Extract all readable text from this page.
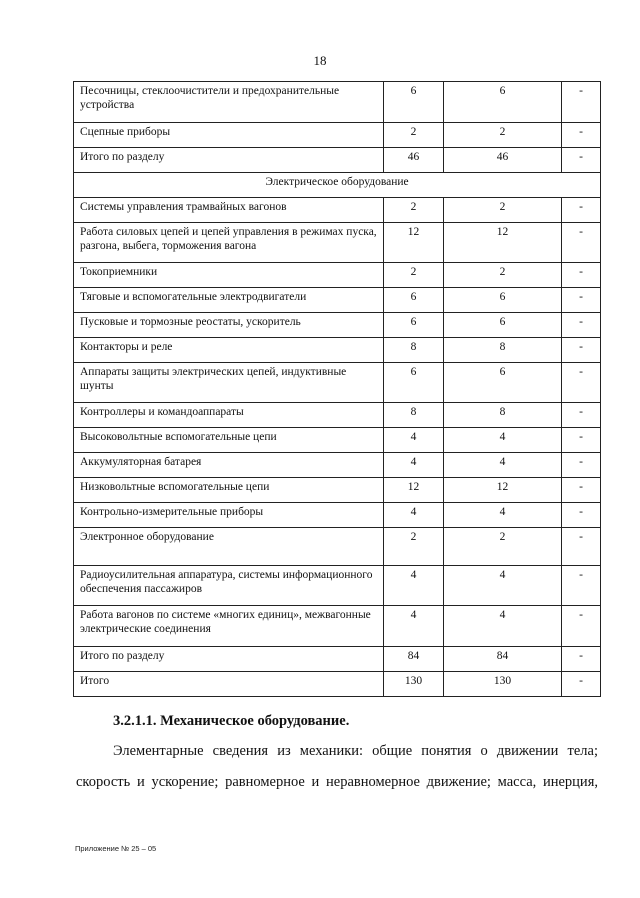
18
Песочницы, стеклоочистители и предохранительные устройства	6	6	-
Сцепные приборы	2	2	-
Итого по разделу	46	46	-
Электрическое оборудование			
Системы управления трамвайных вагонов	2	2	-
Работа силовых цепей и цепей управления в режимах пуска, разгона, выбега, торможения вагона	12	12	-
Токоприемники	2	2	-
Тяговые и вспомогательные электродвигатели	6	6	-
Пусковые и тормозные реостаты, ускоритель	6	6	-
Контакторы и реле	8	8	-
Аппараты защиты электрических цепей, индуктивные шунты	6	6	-
Контроллеры и командоаппараты	8	8	-
Высоковольтные вспомогательные цепи	4	4	-
Аккумуляторная батарея	4	4	-
Низковольтные вспомогательные цепи	12	12	-
Контрольно-измерительные приборы	4	4	-
Электронное оборудование	2	2	-
Радиоусилительная аппаратура, системы информационного обеспечения пассажиров	4	4	-
Работа вагонов по системе «многих единиц», межвагонные электрические соединения	4	4	-
Итого по разделу	84	84	-
Итого	130	130	-
3.2.1.1. Механическое оборудование.
Элементарные сведения из механики: общие понятия о движении тела;
скорость и ускорение; равномерное и неравномерное движение; масса, инерция,
Приложение № 25 – 05
